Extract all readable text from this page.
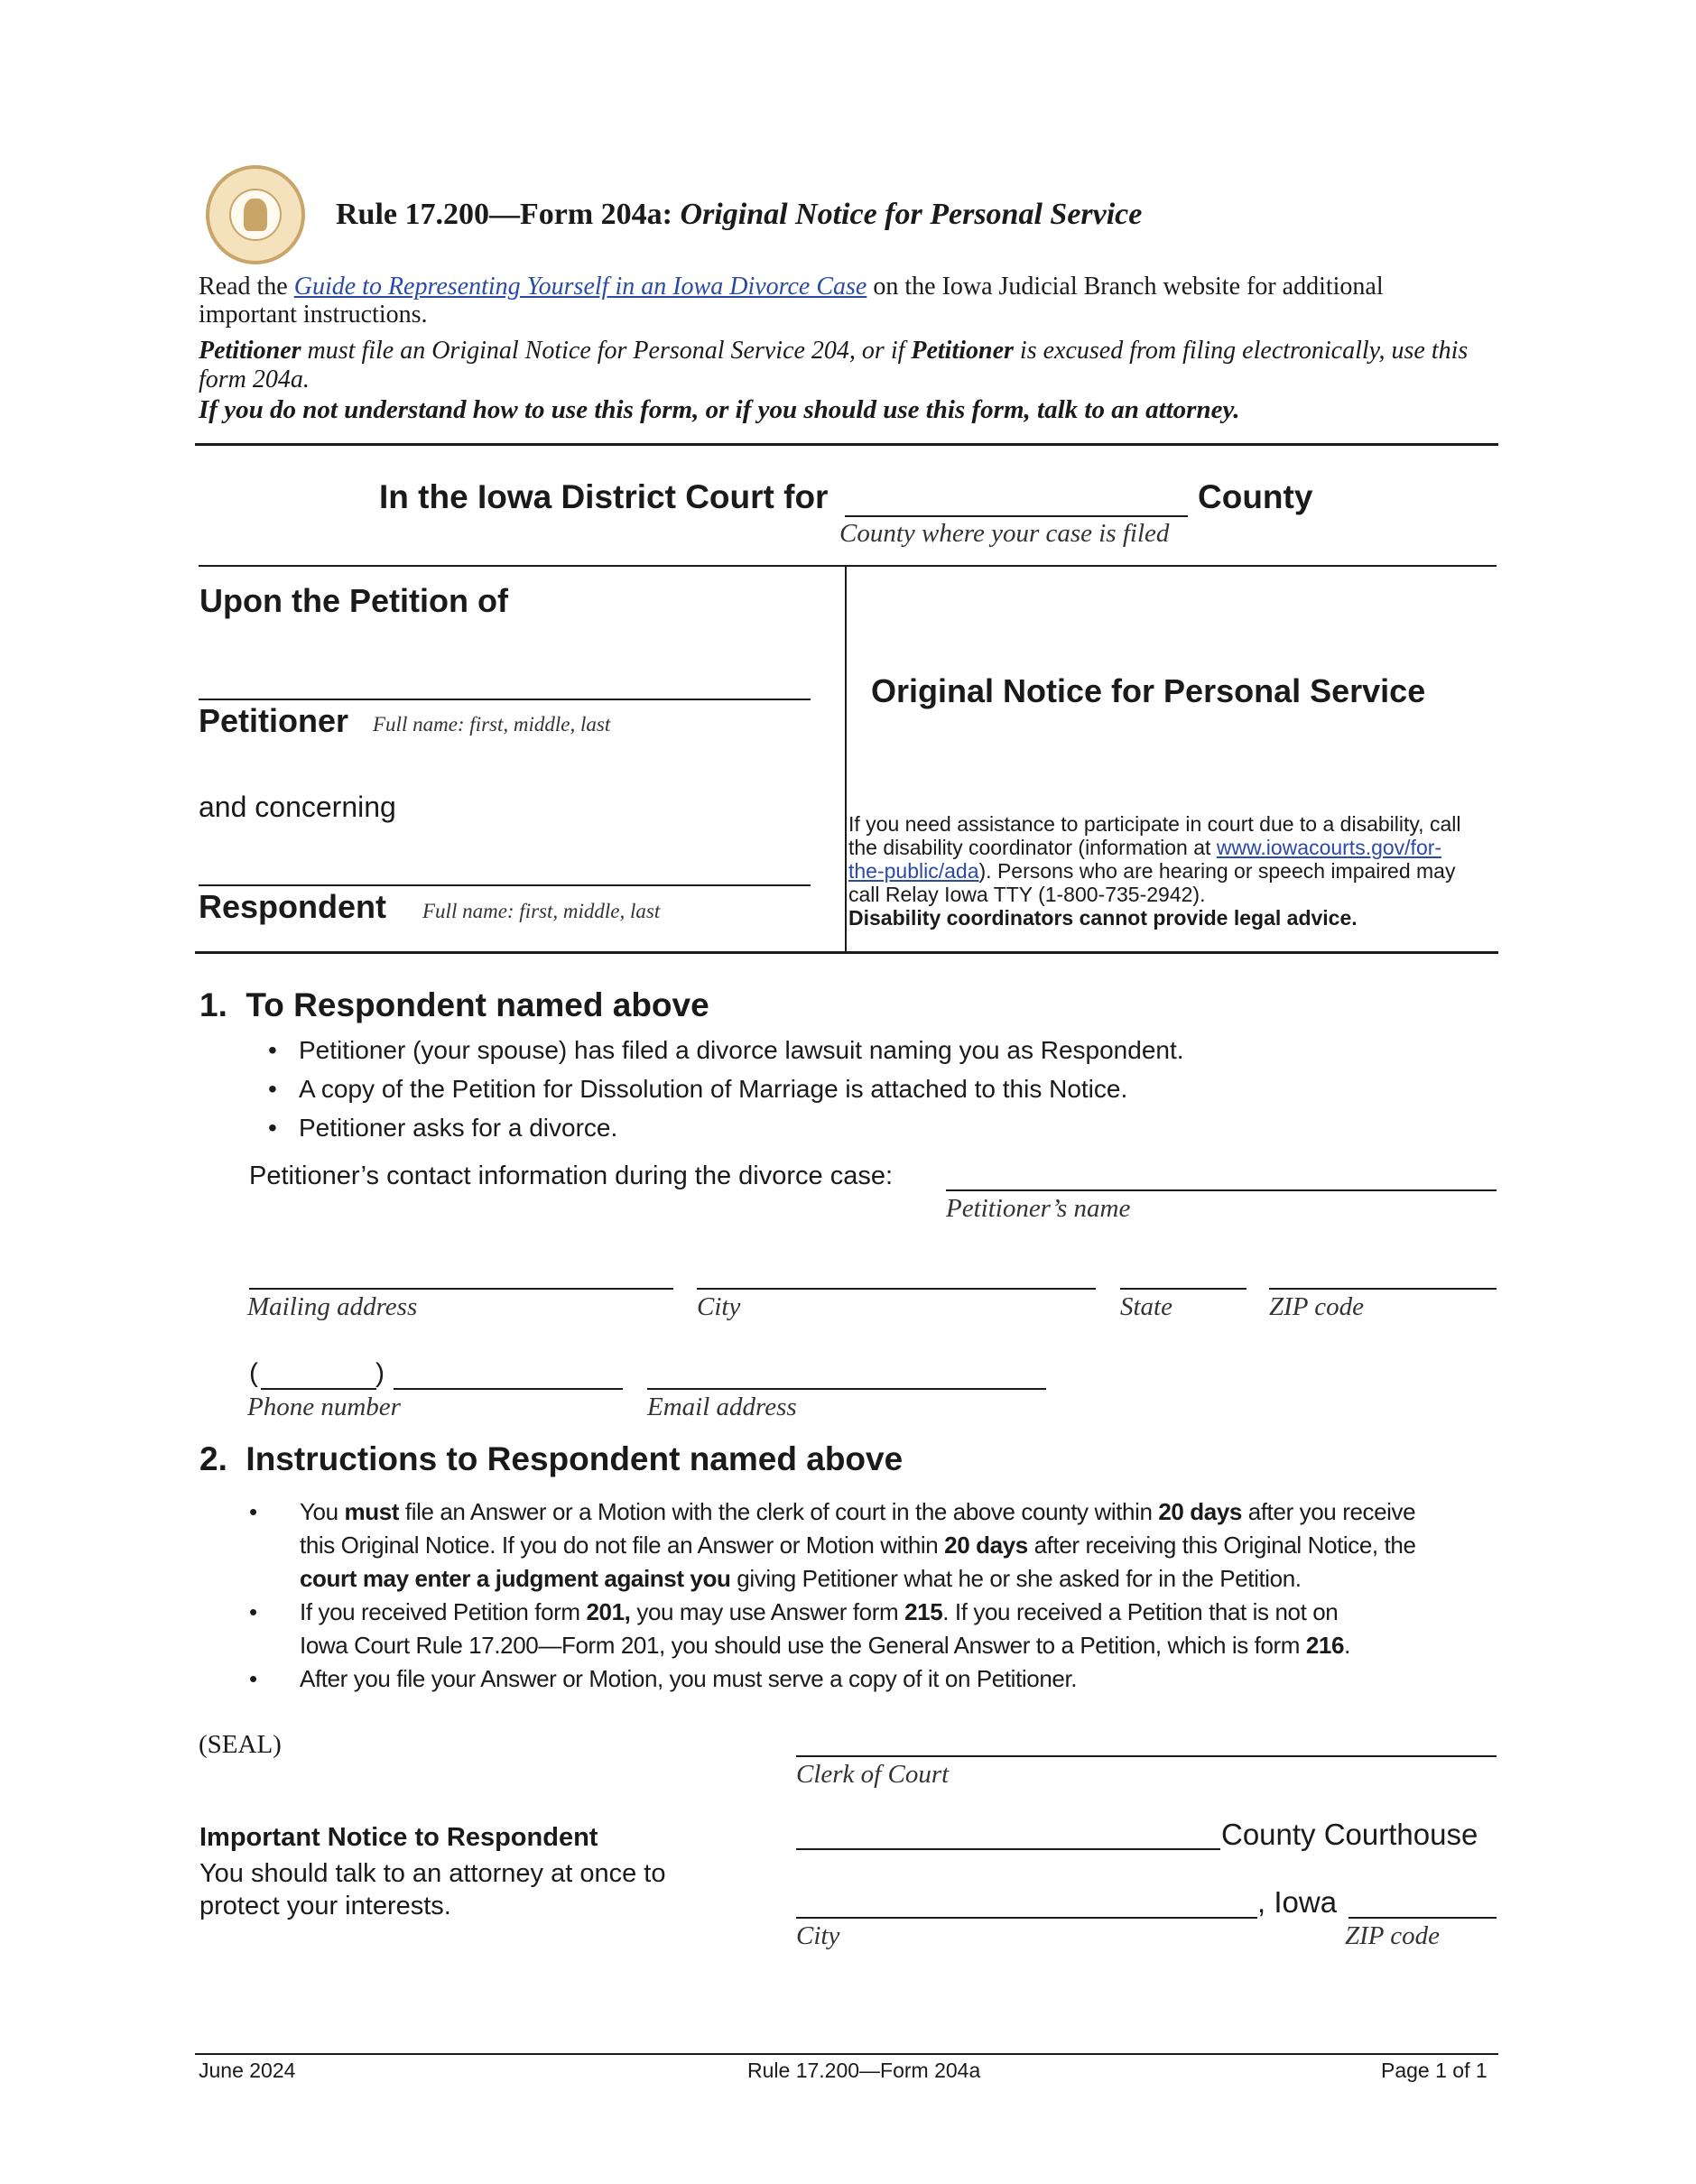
Rule 17.200—Form 204a: Original Notice for Personal Service
Read the Guide to Representing Yourself in an Iowa Divorce Case on the Iowa Judicial Branch website for additional
important instructions.
Petitioner must file an Original Notice for Personal Service 204, or if Petitioner is excused from filing electronically, use this
form 204a.
If you do not understand how to use this form, or if you should use this form, talk to an attorney.
In the Iowa District Court for	County
County where your case is filed
Upon the Petition of
Petitioner Full name: first, middle, last
and concerning
Respondent Full name: first, middle, last
Original Notice for Personal Service
If you need assistance to participate in court due to a disability, call
the disability coordinator (information at www.iowacourts.gov/for-
the-public/ada). Persons who are hearing or speech impaired may
call Relay Iowa TTY (1-800-735-2942).
Disability coordinators cannot provide legal advice.
1. To Respondent named above
• Petitioner (your spouse) has filed a divorce lawsuit naming you as Respondent.
• A copy of the Petition for Dissolution of Marriage is attached to this Notice.
• Petitioner asks for a divorce.
Petitioner’s contact information during the divorce case:
Petitioner’s name
Mailing address	City	State	ZIP code
(	)
Phone number	Email address
2. Instructions to Respondent named above
• You must file an Answer or a Motion with the clerk of court in the above county within 20 days after you receive
this Original Notice. If you do not file an Answer or Motion within 20 days after receiving this Original Notice, the
court may enter a judgment against you giving Petitioner what he or she asked for in the Petition.
• If you received Petition form 201, you may use Answer form 215. If you received a Petition that is not on
Iowa Court Rule 17.200—Form 201, you should use the General Answer to a Petition, which is form 216.
• After you file your Answer or Motion, you must serve a copy of it on Petitioner.
(SEAL)
Clerk of Court
County Courthouse
, Iowa
City	ZIP code
Important Notice to Respondent
You should talk to an attorney at once to
protect your interests.
June 2024	Rule 17.200—Form 204a	Page 1 of 1
